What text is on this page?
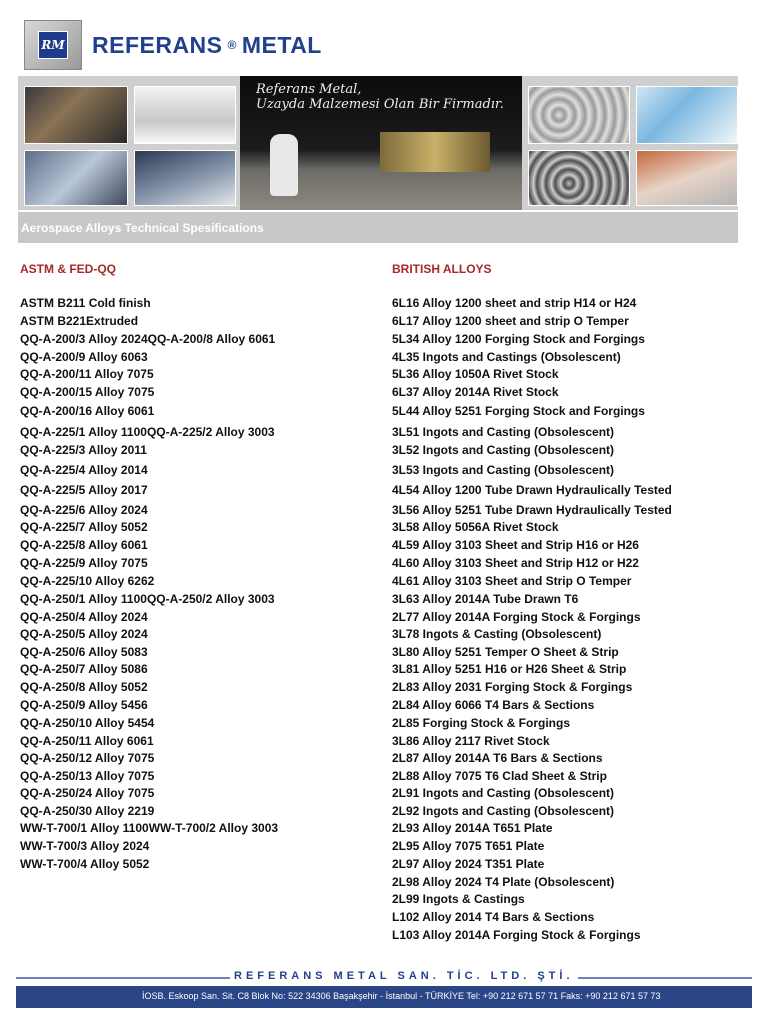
RM REFERANS ® METAL
Referans Metal,
Uzayda Malzemesi Olan Bir Firmadır.
Aerospace Alloys Technical Spesifications
ASTM & FED-QQ	BRITISH ALLOYS
ASTM B211 Cold finish
ASTM B221Extruded
QQ-A-200/3 Alloy 2024QQ-A-200/8 Alloy 6061
QQ-A-200/9 Alloy 6063
QQ-A-200/11 Alloy 7075
QQ-A-200/15 Alloy 7075
QQ-A-200/16 Alloy 6061
QQ-A-225/1 Alloy 1100QQ-A-225/2 Alloy 3003
QQ-A-225/3 Alloy 2011
QQ-A-225/4 Alloy 2014
QQ-A-225/5 Alloy 2017
QQ-A-225/6 Alloy 2024
QQ-A-225/7 Alloy 5052
QQ-A-225/8 Alloy 6061
QQ-A-225/9 Alloy 7075
QQ-A-225/10 Alloy 6262
QQ-A-250/1 Alloy 1100QQ-A-250/2 Alloy 3003
QQ-A-250/4 Alloy 2024
QQ-A-250/5 Alloy 2024
QQ-A-250/6 Alloy 5083
QQ-A-250/7 Alloy 5086
QQ-A-250/8 Alloy 5052
QQ-A-250/9 Alloy 5456
QQ-A-250/10 Alloy 5454
QQ-A-250/11 Alloy 6061
QQ-A-250/12 Alloy 7075
QQ-A-250/13 Alloy 7075
QQ-A-250/24 Alloy 7075
QQ-A-250/30 Alloy 2219
WW-T-700/1 Alloy 1100WW-T-700/2 Alloy 3003
WW-T-700/3 Alloy 2024
WW-T-700/4 Alloy 5052
6L16 Alloy 1200 sheet and strip H14 or H24
6L17 Alloy 1200 sheet and strip O Temper
5L34 Alloy 1200 Forging Stock and Forgings
4L35 Ingots and Castings (Obsolescent)
5L36 Alloy 1050A Rivet Stock
6L37 Alloy 2014A Rivet Stock
5L44 Alloy 5251 Forging Stock and Forgings
3L51 Ingots and Casting (Obsolescent)
3L52 Ingots and Casting (Obsolescent)
3L53 Ingots and Casting (Obsolescent)
4L54 Alloy 1200 Tube Drawn Hydraulically Tested
3L56 Alloy 5251 Tube Drawn Hydraulically Tested
3L58 Alloy 5056A Rivet Stock
4L59 Alloy 3103 Sheet and Strip H16 or H26
4L60 Alloy 3103 Sheet and Strip H12 or H22
4L61 Alloy 3103 Sheet and Strip O Temper
3L63 Alloy 2014A Tube Drawn T6
2L77 Alloy 2014A Forging Stock & Forgings
3L78 Ingots & Casting (Obsolescent)
3L80 Alloy 5251 Temper O Sheet & Strip
3L81 Alloy 5251 H16 or H26 Sheet & Strip
2L83 Alloy 2031 Forging Stock & Forgings
2L84 Alloy 6066 T4 Bars & Sections
2L85 Forging Stock & Forgings
3L86 Alloy 2117 Rivet Stock
2L87 Alloy 2014A T6 Bars & Sections
2L88 Alloy 7075 T6 Clad Sheet & Strip
2L91 Ingots and Casting (Obsolescent)
2L92 Ingots and Casting (Obsolescent)
2L93 Alloy 2014A T651 Plate
2L95 Alloy 7075 T651 Plate
2L97 Alloy 2024 T351 Plate
2L98 Alloy 2024 T4 Plate (Obsolescent)
2L99 Ingots & Castings
L102 Alloy 2014 T4 Bars & Sections
L103 Alloy 2014A Forging Stock & Forgings
REFERANS METAL SAN. TİC. LTD. ŞTİ.
İOSB. Eskoop San. Sit. C8 Blok No: 522 34306 Başakşehir - İstanbul - TÜRKİYE Tel: +90 212 671 57 71 Faks: +90 212 671 57 73
